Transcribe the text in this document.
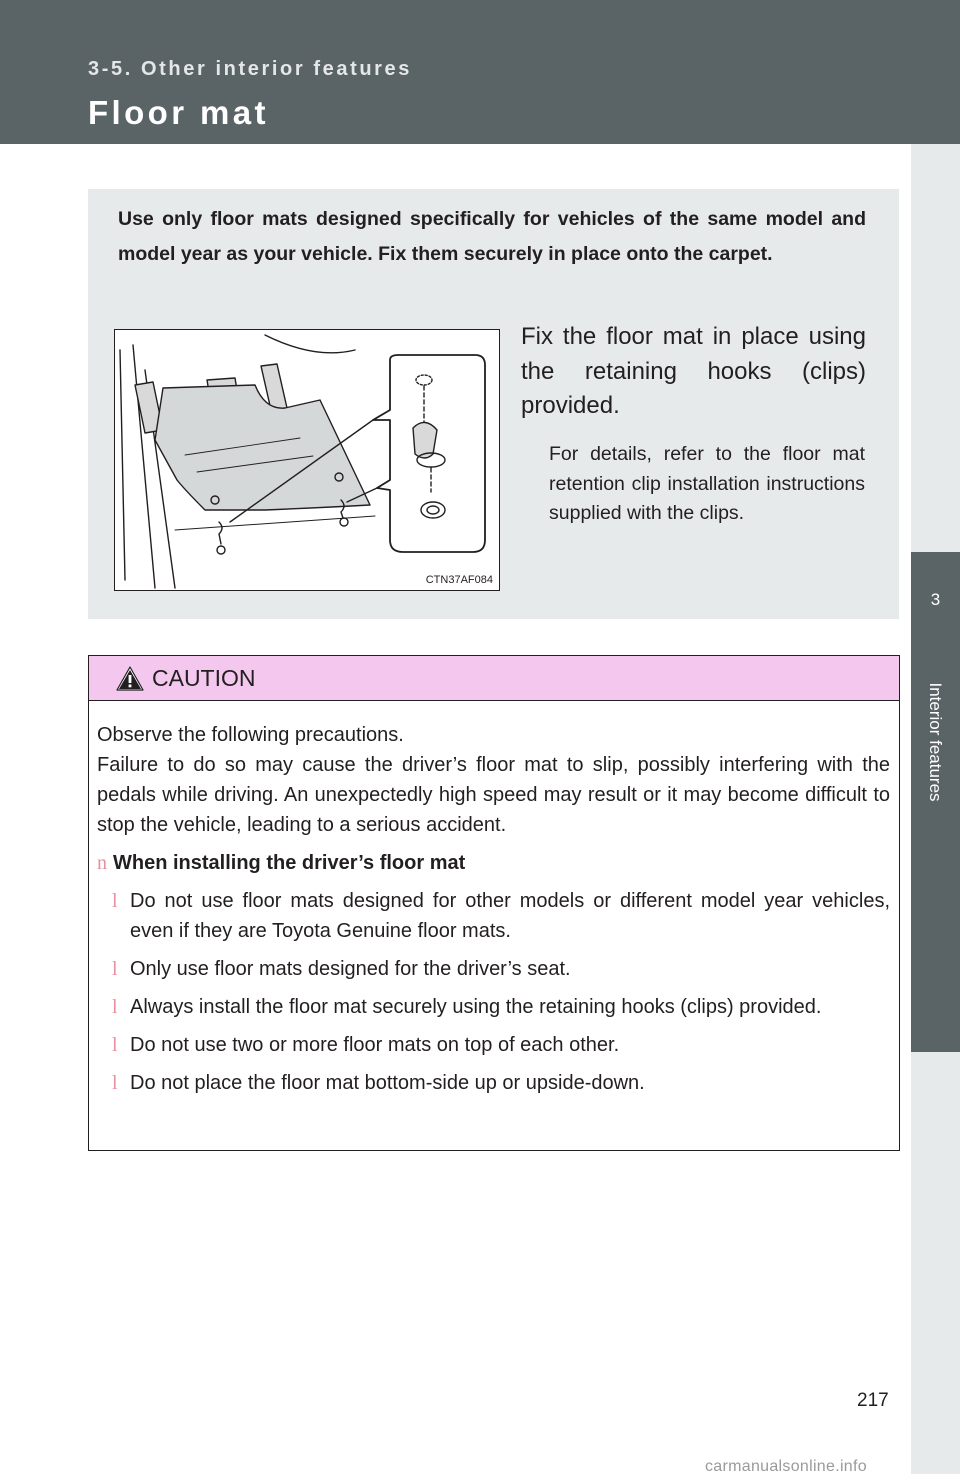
3-5. Other interior features
Floor mat
3
Interior features
Use only floor mats designed specifically for vehicles of the same model and model year as your vehicle. Fix them securely in place onto the carpet.
CTN37AF084
Fix the floor mat in place using the retaining hooks (clips) provided.
For details, refer to the floor mat retention clip installation instructions supplied with the clips.
CAUTION

Observe the following precautions.

Failure to do so may cause the driver’s floor mat to slip, possibly interfering with the pedals while driving. An unexpectedly high speed may result or it may become difficult to stop the vehicle, leading to a serious accident.

n When installing the driver’s floor mat

l Do not use floor mats designed for other models or different model year vehicles, even if they are Toyota Genuine floor mats.
l Only use floor mats designed for the driver’s seat.
l Always install the floor mat securely using the retaining hooks (clips) provided.
l Do not use two or more floor mats on top of each other.
l Do not place the floor mat bottom-side up or upside-down.
217
carmanualsonline.info
